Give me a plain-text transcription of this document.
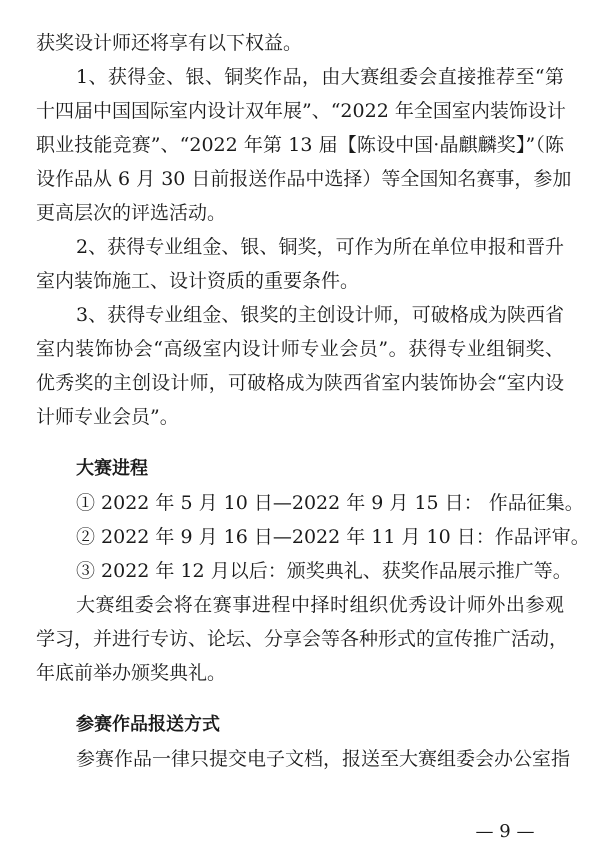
获奖设计师还将享有以下权益。
1、获得金、银、铜奖作品，由大赛组委会直接推荐至“第
十四届中国国际室内设计双年展”、“2022 年全国室内装饰设计
职业技能竞赛”、“2022 年第 13 届【陈设中国·晶麒麟奖】”（陈
设作品从 6 月 30 日前报送作品中选择）等全国知名赛事，参加
更高层次的评选活动。
2、获得专业组金、银、铜奖，可作为所在单位申报和晋升
室内装饰施工、设计资质的重要条件。
3、获得专业组金、银奖的主创设计师，可破格成为陕西省
室内装饰协会“高级室内设计师专业会员”。获得专业组铜奖、
优秀奖的主创设计师，可破格成为陕西省室内装饰协会“室内设
计师专业会员”。
大赛进程
① 2022 年 5 月 10 日—2022 年 9 月 15 日： 作品征集。
② 2022 年 9 月 16 日—2022 年 11 月 10 日：作品评审。
③ 2022 年 12 月以后：颁奖典礼、获奖作品展示推广等。
大赛组委会将在赛事进程中择时组织优秀设计师外出参观
学习，并进行专访、论坛、分享会等各种形式的宣传推广活动，
年底前举办颁奖典礼。
参赛作品报送方式
参赛作品一律只提交电子文档，报送至大赛组委会办公室指
— 9 —
